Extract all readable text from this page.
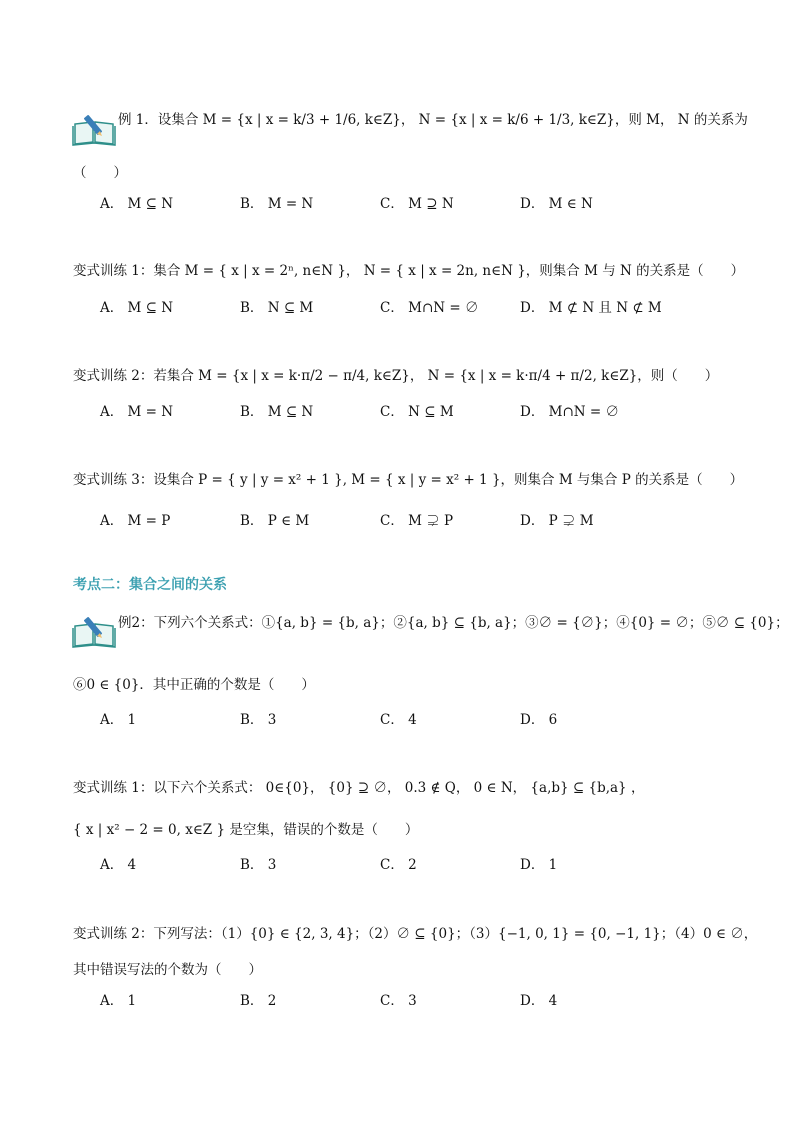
例 1．设集合 M = {x | x = k/3 + 1/6, k∈Z}， N = {x | x = k/6 + 1/3, k∈Z}，则 M， N 的关系为
（　　）
A． M ⊆ N	B． M = N	C． M ⊇ N	D． M ∈ N
变式训练 1：集合 M = { x | x = 2ⁿ, n∈N }， N = { x | x = 2n, n∈N }，则集合 M 与 N 的关系是（　　）
A． M ⊆ N	B． N ⊆ M	C． M∩N = ∅	D． M ⊄ N 且 N ⊄ M
变式训练 2：若集合 M = {x | x = k·π/2 − π/4, k∈Z}， N = {x | x = k·π/4 + π/2, k∈Z}，则（　　）
A． M = N	B． M ⊆ N	C． N ⊆ M	D． M∩N = ∅
变式训练 3：设集合 P = { y | y = x² + 1 }, M = { x | y = x² + 1 }，则集合 M 与集合 P 的关系是（　　）
A． M = P	B． P ∈ M	C． M ⊋ P	D． P ⊋ M
考点二：集合之间的关系
例2：下列六个关系式：①{a, b} = {b, a}；②{a, b} ⊆ {b, a}；③∅ = {∅}；④{0} = ∅；⑤∅ ⊆ {0}；
⑥0 ∈ {0}．其中正确的个数是（　　）
A． 1	B． 3	C． 4	D． 6
变式训练 1：以下六个关系式： 0∈{0}， {0} ⊇ ∅， 0.3 ∉ Q， 0 ∈ N， {a,b} ⊆ {b,a} ，
{ x | x² − 2 = 0, x∈Z } 是空集，错误的个数是（　　）
A． 4	B． 3	C． 2	D． 1
变式训练 2：下列写法：（1）{0} ∈ {2, 3, 4}；（2）∅ ⊆ {0}；（3）{−1, 0, 1} = {0, −1, 1}；（4）0 ∈ ∅，
其中错误写法的个数为（　　）
A． 1	B． 2	C． 3	D． 4
